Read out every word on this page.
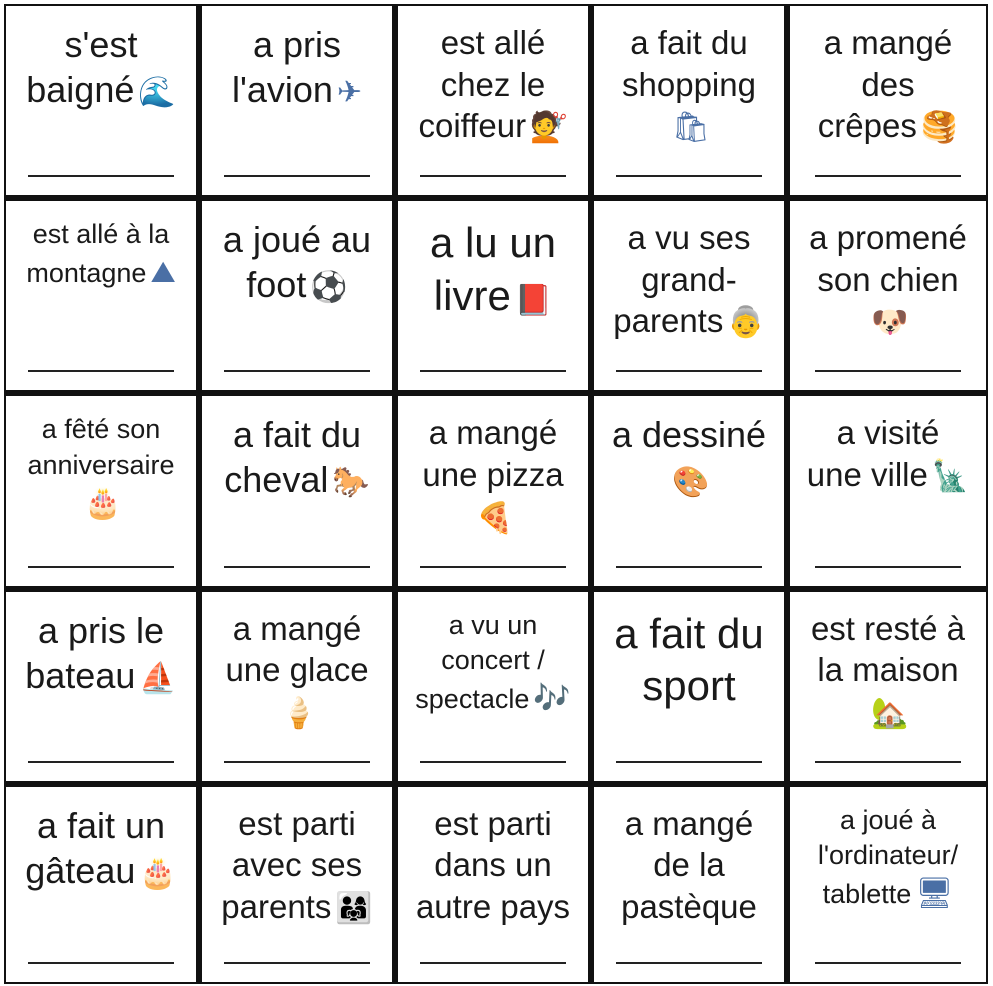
s'est
baigné 🌊
a pris
l'avion ✈
est allé
chez le
coiffeur 💇
a fait du
shopping🛍
a mangé
des
crêpes 🥞
est allé à la
montagne ⛰
a joué au
foot ⚽
a lu un
livre 📕
a vu ses
grand-
parents 👵
a promené
son chien🐶
a fêté son
anniversaire🎂
a fait du
cheval 🐎
a mangé
une pizza🍕
a dessiné🎨
a visité
une ville 🗽
a pris le
bateau ⛵
a mangé
une glace🍦
a vu un
concert /
spectacle 🎶
a fait du
sport
est resté à
la maison🏡
a fait un
gâteau 🎂
est parti
avec ses
parents 👨‍👩‍👧
est parti
dans un
autre pays
a mangé
de la
pastèque
a joué à
l'ordinateur/
tablette 🖥
